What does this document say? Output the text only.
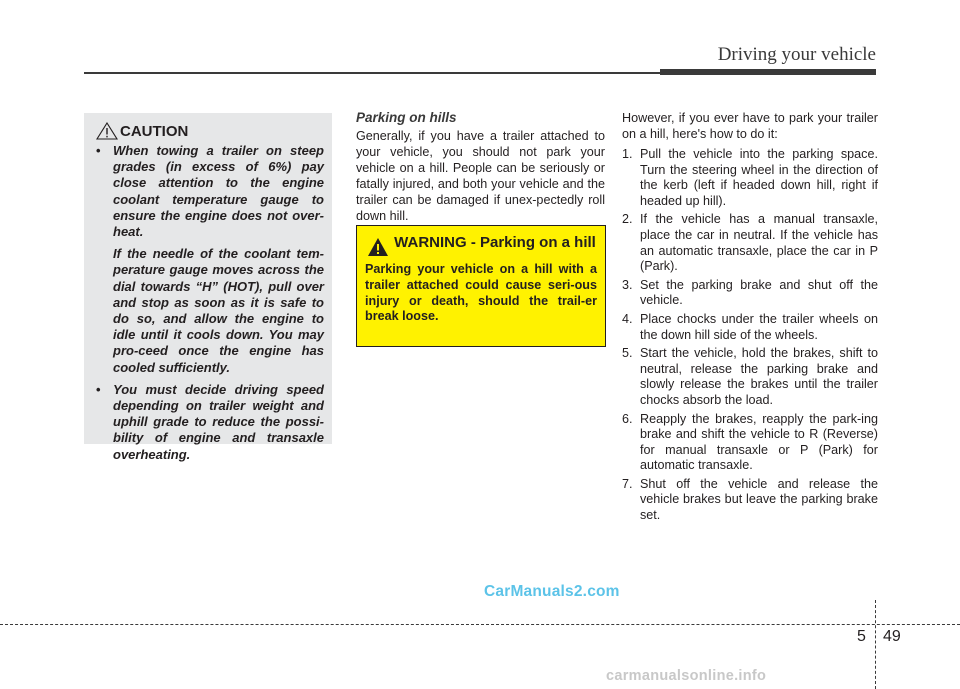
Driving your vehicle
CAUTION
• When towing a trailer on steep grades (in excess of 6%) pay close attention to the engine coolant temperature gauge to ensure the engine does not over-heat.

If the needle of the coolant tem-perature gauge moves across the dial towards “H” (HOT), pull over and stop as soon as it is safe to do so, and allow the engine to idle until it cools down. You may pro-ceed once the engine has cooled sufficiently.

• You must decide driving speed depending on trailer weight and uphill grade to reduce the possi-bility of engine and transaxle overheating.

Parking on hills

Generally, if you have a trailer attached to your vehicle, you should not park your vehicle on a hill. People can be seriously or fatally injured, and both your vehicle and the trailer can be damaged if unex-pectedly roll down hill.

WARNING - Parking on a hill

Parking your vehicle on a hill with a trailer attached could cause seri-ous injury or death, should the trail-er break loose.

However, if you ever have to park your trailer on a hill, here's how to do it:

1. Pull the vehicle into the parking space. Turn the steering wheel in the direction of the kerb (left if headed down hill, right if headed up hill).
2. If the vehicle has a manual transaxle, place the car in neutral. If the vehicle has an automatic transaxle, place the car in P (Park).
3. Set the parking brake and shut off the vehicle.
4. Place chocks under the trailer wheels on the down hill side of the wheels.
5. Start the vehicle, hold the brakes, shift to neutral, release the parking brake and slowly release the brakes until the trailer chocks absorb the load.
6. Reapply the brakes, reapply the park-ing brake and shift the vehicle to R (Reverse) for manual transaxle or P (Park) for automatic transaxle.
7. Shut off the vehicle and release the vehicle brakes but leave the parking brake set.
CarManuals2.com
5 49
carmanualsonline.info
